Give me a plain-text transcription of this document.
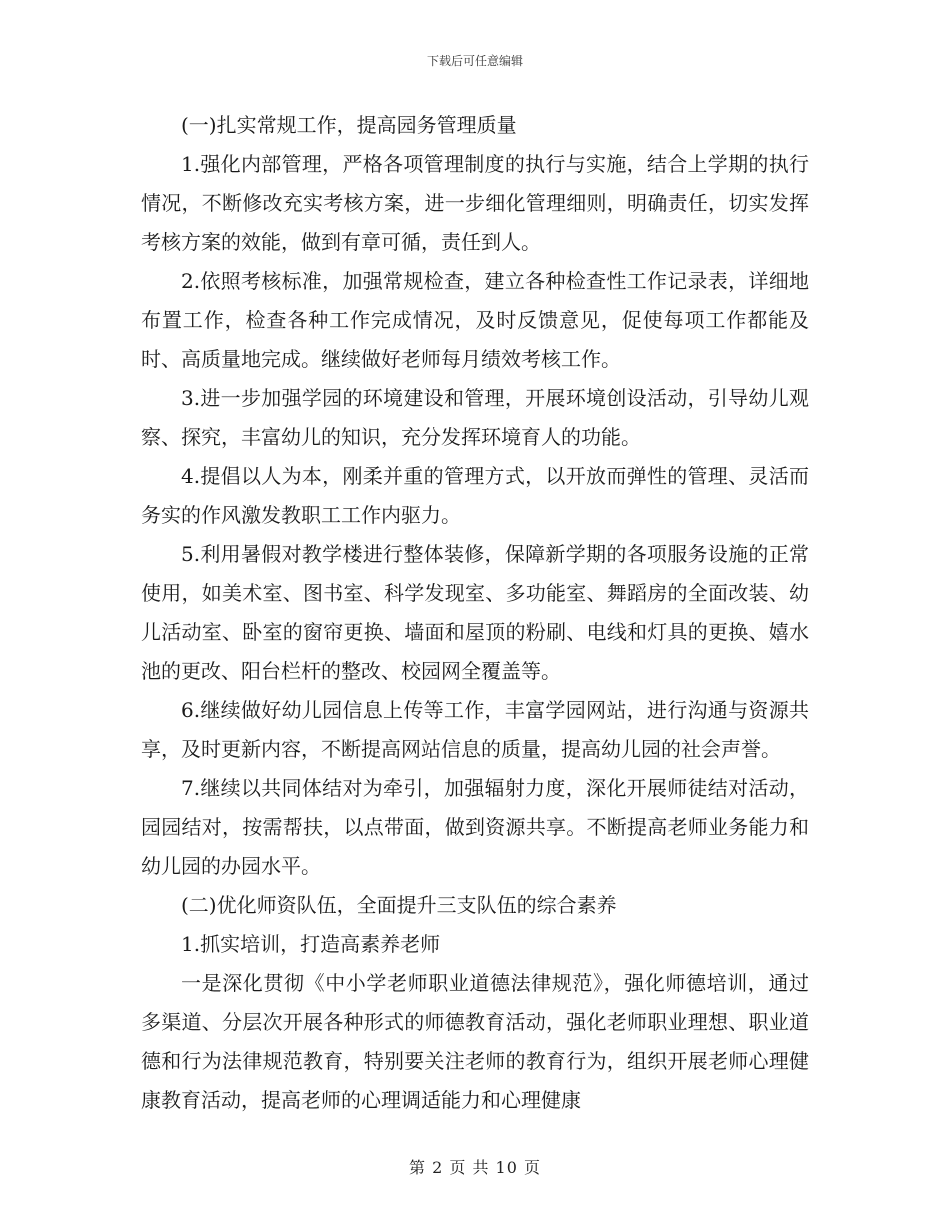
下载后可任意编辑

(一)扎实常规工作，提高园务管理质量

1.强化内部管理，严格各项管理制度的执行与实施，结合上学期的执行情况，不断修改充实考核方案，进一步细化管理细则，明确责任，切实发挥考核方案的效能，做到有章可循，责任到人。

2.依照考核标准，加强常规检查，建立各种检查性工作记录表，详细地布置工作，检查各种工作完成情况，及时反馈意见，促使每项工作都能及时、高质量地完成。继续做好老师每月绩效考核工作。

3.进一步加强学园的环境建设和管理，开展环境创设活动，引导幼儿观察、探究，丰富幼儿的知识，充分发挥环境育人的功能。

4.提倡以人为本，刚柔并重的管理方式，以开放而弹性的管理、灵活而务实的作风激发教职工工作内驱力。

5.利用暑假对教学楼进行整体装修，保障新学期的各项服务设施的正常使用，如美术室、图书室、科学发现室、多功能室、舞蹈房的全面改装、幼儿活动室、卧室的窗帘更换、墙面和屋顶的粉刷、电线和灯具的更换、嬉水池的更改、阳台栏杆的整改、校园网全覆盖等。

6.继续做好幼儿园信息上传等工作，丰富学园网站，进行沟通与资源共享，及时更新内容，不断提高网站信息的质量，提高幼儿园的社会声誉。

7.继续以共同体结对为牵引，加强辐射力度，深化开展师徒结对活动，园园结对，按需帮扶，以点带面，做到资源共享。不断提高老师业务能力和幼儿园的办园水平。

(二)优化师资队伍，全面提升三支队伍的综合素养

1.抓实培训，打造高素养老师

一是深化贯彻《中小学老师职业道德法律规范》，强化师德培训，通过多渠道、分层次开展各种形式的师德教育活动，强化老师职业理想、职业道德和行为法律规范教育，特别要关注老师的教育行为，组织开展老师心理健康教育活动，提高老师的心理调适能力和心理健康

第 2 页 共 10 页
